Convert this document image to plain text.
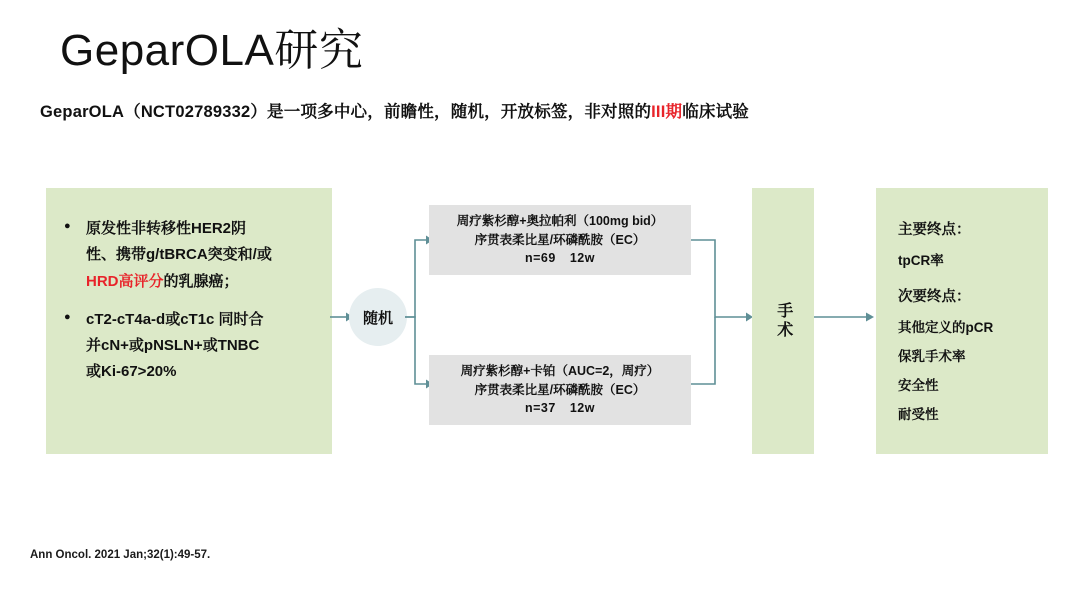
GeparOLA研究
GeparOLA（NCT02789332）是一项多中心，前瞻性，随机，开放标签，非对照的III期临床试验
● 原发性非转移性HER2阴
性、携带g/tBRCA突变和/或
HRD高评分的乳腺癌；
● cT2-cT4a-d或cT1c 同时合
并cN+或pNSLN+或TNBC
或Ki-67>20%
随机
周疗紫杉醇+奥拉帕利（100mg bid）
序贯表柔比星/环磷酰胺（EC）
n=69 12w
周疗紫杉醇+卡铂（AUC=2，周疗）
序贯表柔比星/环磷酰胺（EC）
n=37 12w
手术
主要终点：
tpCR率
次要终点：
其他定义的pCR
保乳手术率
安全性
耐受性
Ann Oncol. 2021 Jan;32(1):49-57.
